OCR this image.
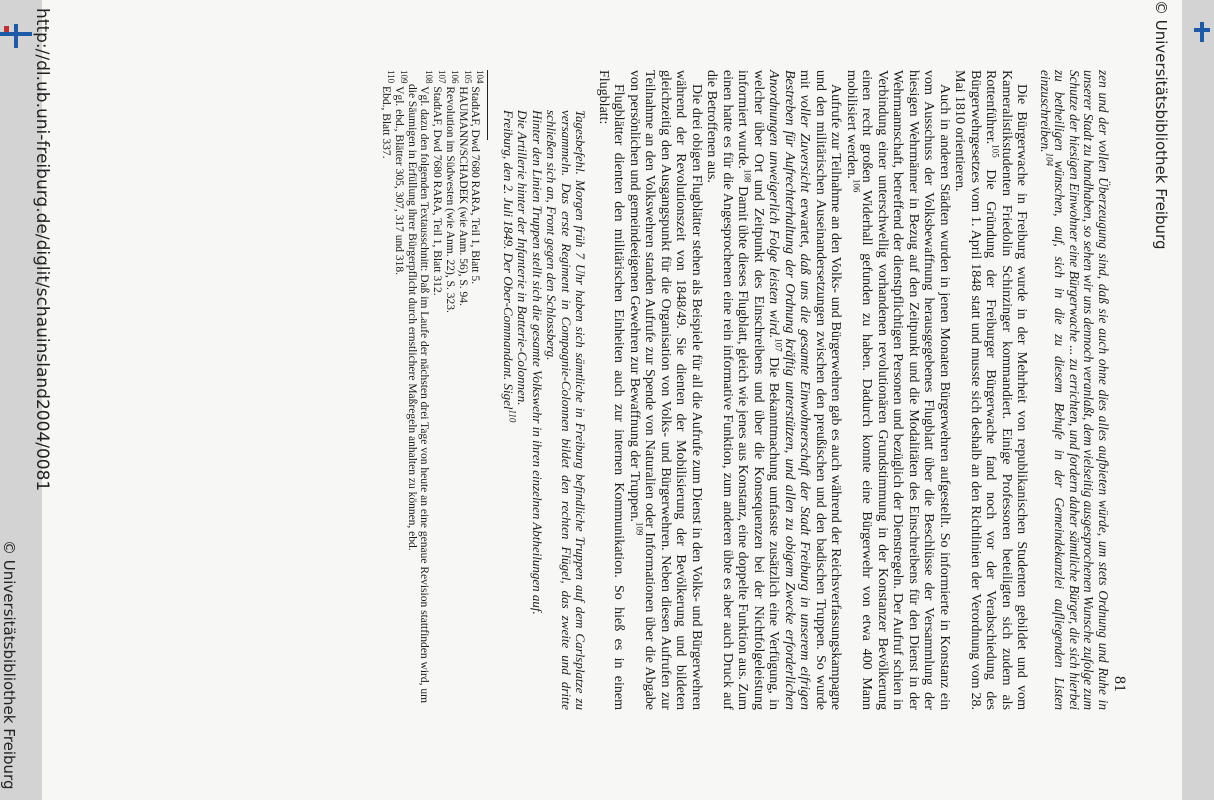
© Universitätsbibliothek Freiburg
81

zen und der vollen Überzeugung sind, daß sie auch ohne dies alles aufbieten würde, um stets Ordnung und Ruhe in unserer Stadt zu handhaben, so sehen wir uns dennoch veranlaßt, dem vielseitig ausgesprochenen Wunsche zufolge zum Schutze der hiesigen Einwohner eine Bürgerwache ... zu errichten, und fordern daher sämtliche Bürger, die sich hierbei zu betheiligen wünschen, auf, sich in die zu diesem Behufe in der Gemeindekanzlei aufliegenden Listen einzuschreiben.$^{104}$

Die Bürgerwache in Freiburg wurde in der Mehrheit von republikanischen Studenten gebildet und vom Kameralistikstudenten Friedolin Schinzinger kommandiert. Einige Professoren beteiligten sich zudem als Rottenführer.$^{105}$ Die Gründung der Freiburger Bürgerwache fand noch vor der Verabschiedung des Bürgerwehrgesetzes vom 1. April 1848 statt und musste sich deshalb an den Richtlinien der Verordnung vom 28. Mai 1810 orientieren.

Auch in anderen Städten wurden in jenen Monaten Bürgerwehren aufgestellt. So informierte in Konstanz ein vom Ausschuss der Volksbewaffnung herausgegebenes Flugblatt über die Beschlüsse der Versammlung der hiesigen Wehrmänner in Bezug auf den Zeitpunkt und die Modalitäten des Einschreibens für den Dienst in der Wehrmannschaft, betreffend der dienstpflichtigen Personen und bezüglich der Dienstregeln. Der Aufruf schien in Verbindung einer unterschwellig vorhandenen revolutionären Grundstimmung in der Konstanzer Bevölkerung einen recht großen Widerhall gefunden zu haben. Dadurch konnte eine Bürgerwehr von etwa 400 Mann mobilisiert werden.$^{106}$

Aufrufe zur Teilnahme an den Volks- und Bürgerwehren gab es auch während der Reichsverfassungskampagne und den militärischen Auseinandersetzungen zwischen den preußischen und den badischen Truppen. So wurde mit voller Zuversicht erwartet, daß uns die gesamte Einwohnerschaft der Stadt Freiburg in unserem eifrigen Bestreben für Aufrechterhaltung der Ordnung kräftig unterstützen, und allen zu obigem Zwecke erforderlichen Anordnungen unweigerlich Folge leisten wird.$^{107}$ Die Bekanntmachung umfasste zusätzlich eine Verfügung, in welcher über Ort und Zeitpunkt des Einschreibens und über die Konsequenzen bei der Nichtfolgeleistung informiert wurde.$^{108}$ Damit übte dieses Flugblatt, gleich wie jenes aus Konstanz, eine doppelte Funktion aus. Zum einen hatte es für die Angesprochenen eine rein informative Funktion, zum anderen übte es aber auch Druck auf die Betroffenen aus.

Die drei obigen Flugblätter stehen als Beispiele für all die Aufrufe zum Dienst in den Volks- und Bürgerwehren während der Revolutionszeit von 1848/49. Sie dienten der Mobilisierung der Bevölkerung und bildeten gleichzeitig den Ausgangspunkt für die Organisation von Volks- und Bürgerwehren. Neben diesen Aufrufen zur Teilnahme an den Volkswehren standen Aufrufe zur Spende von Naturalien oder Informationen über die Abgabe von persönlichen und gemeindeeigenen Gewehren zur Bewaffnung der Truppen.$^{109}$

Flugblätter dienten den militärischen Einheiten auch zur internen Kommunikation. So hieß es in einem Flugblatt:

Tagesbefehl. Morgen früh 7 Uhr haben sich sämtliche in Freiburg befindliche Truppen auf dem Carlsplatze zu versammeln. Das erste Regiment in Compagnie-Colonnen bildet den rechten Flügel, das zweite und dritte schließen sich an, Front gegen den Schlossberg.
Hinter den Linien Truppen stellt sich die gesamte Volkswehr in ihren einzelnen Abtheilungen auf.
Die Artillerie hinter der Infanterie in Batterie-Colonnen.
Freiburg, den 2. Juli 1849. Der Ober-Commandant. Sigel$^{110}$

$^{104}$ StadtAF, Dwd 7680 RARA, Teil 1, Blatt 5.

$^{105}$ HAUMANN/SCHADEK (wie Anm. 56), S. 94.

$^{106}$ Revolution im Südwesten (wie Anm. 22), S. 323.

$^{107}$ StadtAF, Dwd 7680 RARA, Teil 1, Blatt 312.

$^{108}$ Vgl. dazu den folgenden Textausschnitt: Daß im Laufe der nächsten drei Tage von heute an eine genaue Revision stattfinden wird, um die Säumigen in Erfüllung ihrer Bürgerpflicht durch ernstlichere Maßregeln anhalten zu können, ebd.

$^{109}$ Vgl. ebd., Blätter 305, 307, 317 und 318.

$^{110}$ Ebd., Blatt 337.

http://dl.ub.uni-freiburg.de/diglit/schauinsland2004/0081
© Universitätsbibliothek Freiburg
